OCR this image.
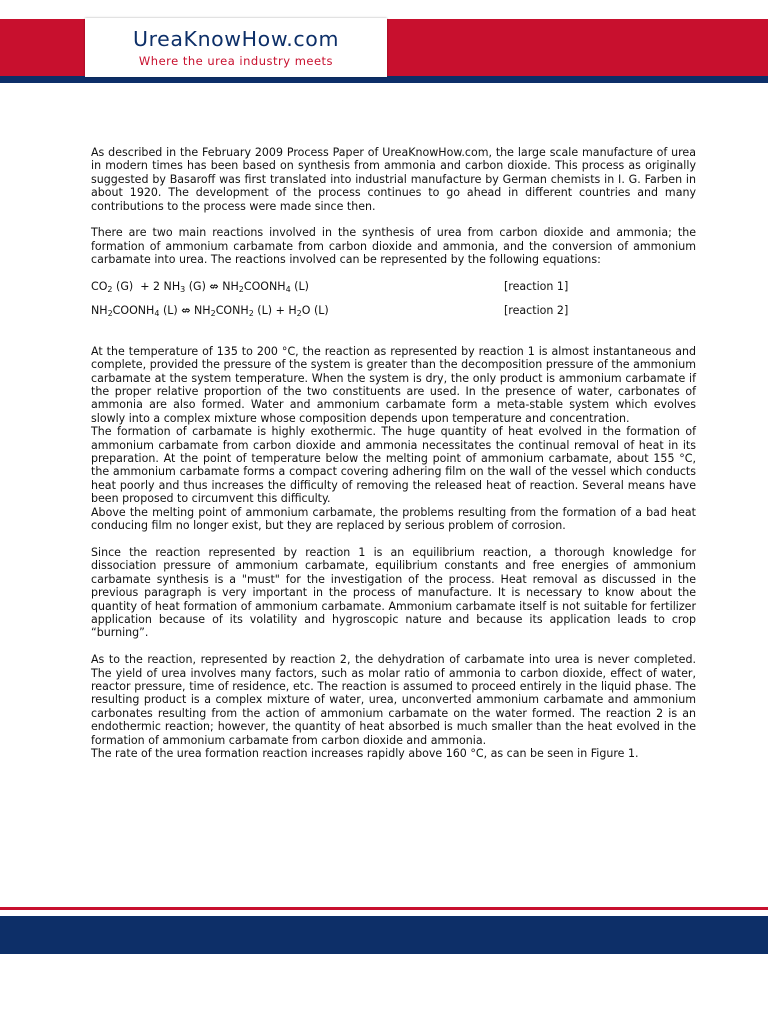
UreaKnowHow.com
Where the urea industry meets

As described in the February 2009 Process Paper of UreaKnowHow.com, the large scale manufacture of urea in modern times has been based on synthesis from ammonia and carbon dioxide. This process as originally suggested by Basaroff was first translated into industrial manufacture by German chemists in I. G. Farben in about 1920. The development of the process continues to go ahead in different countries and many contributions to the process were made since then.

There are two main reactions involved in the synthesis of urea from carbon dioxide and ammonia; the formation of ammonium carbamate from carbon dioxide and ammonia, and the conversion of ammonium carbamate into urea. The reactions involved can be represented by the following equations:

$CO_2$ (G)  + 2 $NH_3$ (G) ⇎ $NH_2COONH_4$ (L)	[reaction 1]
$NH_2COONH_4$ (L) ⇎ $NH_2CONH_2$ $(L) + H_2O$ (L)	[reaction 2]

At the temperature of 135 to 200 °C, the reaction as represented by reaction 1 is almost instantaneous and complete, provided the pressure of the system is greater than the decomposition pressure of the ammonium carbamate at the system temperature. When the system is dry, the only product is ammonium carbamate if the proper relative proportion of the two constituents are used. In the presence of water, carbonates of ammonia are also formed. Water and ammonium carbamate form a meta-stable system which evolves slowly into a complex mixture whose composition depends upon temperature and concentration.

The formation of carbamate is highly exothermic. The huge quantity of heat evolved in the formation of ammonium carbamate from carbon dioxide and ammonia necessitates the continual removal of heat in its preparation. At the point of temperature below the melting point of ammonium carbamate, about 155 °C, the ammonium carbamate forms a compact covering adhering film on the wall of the vessel which conducts heat poorly and thus increases the difficulty of removing the released heat of reaction. Several means have been proposed to circumvent this difficulty.

Above the melting point of ammonium carbamate, the problems resulting from the formation of a bad heat conducing film no longer exist, but they are replaced by serious problem of corrosion.

Since the reaction represented by reaction 1 is an equilibrium reaction, a thorough knowledge for dissociation pressure of ammonium carbamate, equilibrium constants and free energies of ammonium carbamate synthesis is a "must" for the investigation of the process. Heat removal as discussed in the previous paragraph is very important in the process of manufacture. It is necessary to know about the quantity of heat formation of ammonium carbamate. Ammonium carbamate itself is not suitable for fertilizer application because of its volatility and hygroscopic nature and because its application leads to crop “burning”.

As to the reaction, represented by reaction 2, the dehydration of carbamate into urea is never completed. The yield of urea involves many factors, such as molar ratio of ammonia to carbon dioxide, effect of water, reactor pressure, time of residence, etc. The reaction is assumed to proceed entirely in the liquid phase. The resulting product is a complex mixture of water, urea, unconverted ammonium carbamate and ammonium carbonates resulting from the action of ammonium carbamate on the water formed. The reaction 2 is an endothermic reaction; however, the quantity of heat absorbed is much smaller than the heat evolved in the formation of ammonium carbamate from carbon dioxide and ammonia.

The rate of the urea formation reaction increases rapidly above 160 °C, as can be seen in Figure 1.
